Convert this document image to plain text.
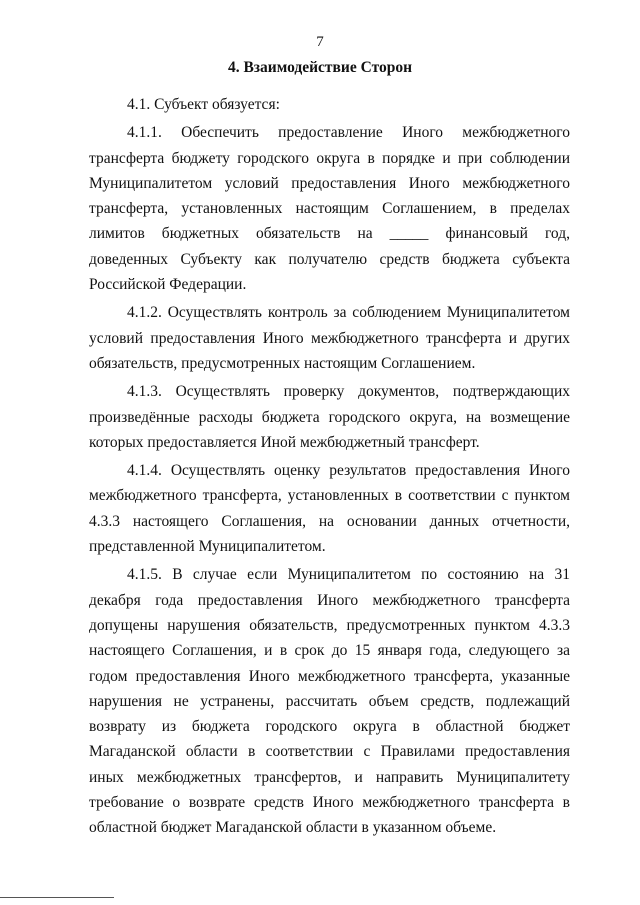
7
4. Взаимодействие Сторон

4.1. Субъект обязуется:

4.1.1. Обеспечить предоставление Иного межбюджетного трансферта бюджету городского округа в порядке и при соблюдении Муниципалитетом условий предоставления Иного межбюджетного трансферта, установленных настоящим Соглашением, в пределах лимитов бюджетных обязательств на _____ финансовый год, доведенных Субъекту как получателю средств бюджета субъекта Российской Федерации.

4.1.2. Осуществлять контроль за соблюдением Муниципалитетом условий предоставления Иного межбюджетного трансферта и других обязательств, предусмотренных настоящим Соглашением.

4.1.3. Осуществлять проверку документов, подтверждающих произведённые расходы бюджета городского округа, на возмещение которых предоставляется Иной межбюджетный трансферт.

4.1.4. Осуществлять оценку результатов предоставления Иного межбюджетного трансферта, установленных в соответствии с пунктом 4.3.3 настоящего Соглашения, на основании данных отчетности, представленной Муниципалитетом.

4.1.5. В случае если Муниципалитетом по состоянию на 31 декабря года предоставления Иного межбюджетного трансферта допущены нарушения обязательств, предусмотренных пунктом 4.3.3 настоящего Соглашения, и в срок до 15 января года, следующего за годом предоставления Иного межбюджетного трансферта, указанные нарушения не устранены, рассчитать объем средств, подлежащий возврату из бюджета городского округа в областной бюджет Магаданской области в соответствии с Правилами предоставления иных межбюджетных трансфертов, и направить Муниципалитету требование о возврате средств Иного межбюджетного трансферта в областной бюджет Магаданской области в указанном объеме.
